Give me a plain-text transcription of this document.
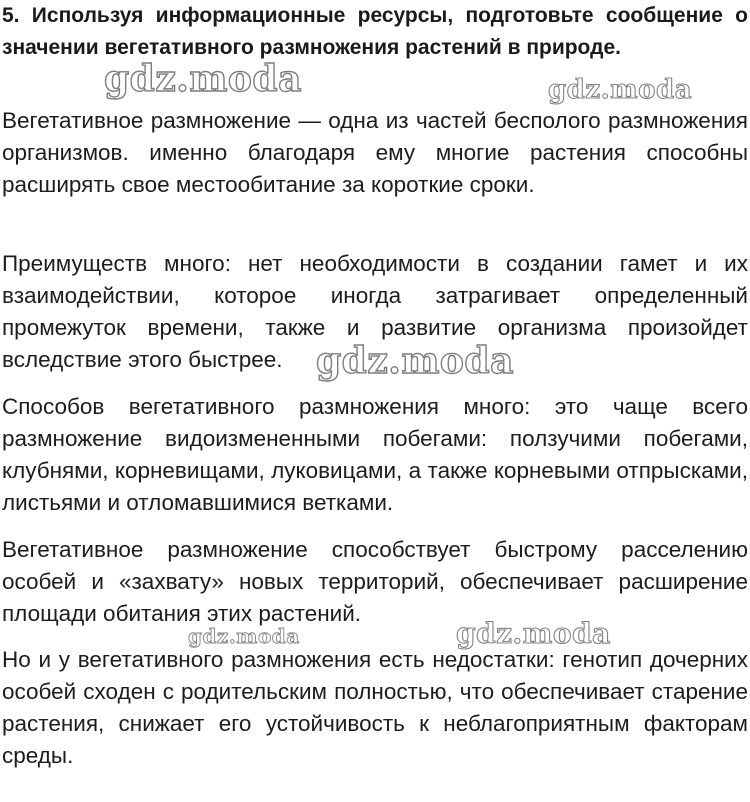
5. Используя информационные ресурсы, подготовьте сообщение о значении вегетативного размножения растений в природе.

Вегетативное размножение — одна из частей бесполого размножения организмов. именно благодаря ему многие растения способны расширять свое местообитание за короткие сроки.

Преимуществ много: нет необходимости в создании гамет и их взаимодействии, которое иногда затрагивает определенный промежуток времени, также и развитие организма произойдет вследствие этого быстрее.

Способов вегетативного размножения много: это чаще всего размножение видоизмененными побегами: ползучими побегами, клубнями, корневищами, луковицами, а также корневыми отпрысками, листьями и отломавшимися ветками.

Вегетативное размножение способствует быстрому расселению особей и «захвату» новых территорий, обеспечивает расширение площади обитания этих растений.

Но и у вегетативного размножения есть недостатки: генотип дочерних особей сходен с родительским полностью, что обеспечивает старение растения, снижает его устойчивость к неблагоприятным факторам среды.

gdz.moda	gdz.moda
gdz.moda
gdz.moda	gdz.moda
